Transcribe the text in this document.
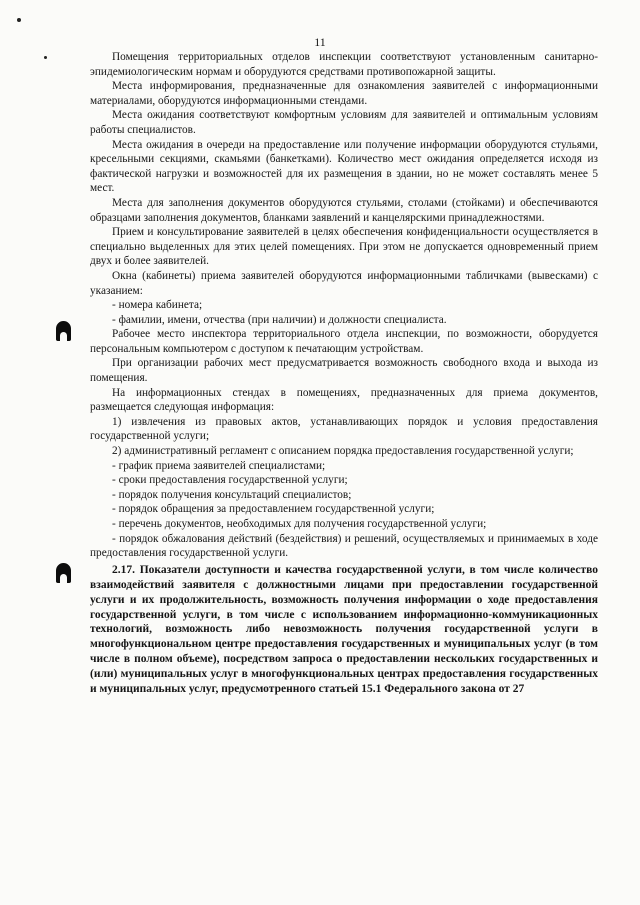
11

Помещения территориальных отделов инспекции соответствуют установленным санитарно-эпидемиологическим нормам и оборудуются средствами противопожарной защиты.

Места информирования, предназначенные для ознакомления заявителей с информационными материалами, оборудуются информационными стендами.

Места ожидания соответствуют комфортным условиям для заявителей и оптимальным условиям работы специалистов.

Места ожидания в очереди на предоставление или получение информации оборудуются стульями, кресельными секциями, скамьями (банкетками). Количество мест ожидания определяется исходя из фактической нагрузки и возможностей для их размещения в здании, но не может составлять менее 5 мест.

Места для заполнения документов оборудуются стульями, столами (стойками) и обеспечиваются образцами заполнения документов, бланками заявлений и канцелярскими принадлежностями.

Прием и консультирование заявителей в целях обеспечения конфиденциальности осуществляется в специально выделенных для этих целей помещениях. При этом не допускается одновременный прием двух и более заявителей.

Окна (кабинеты) приема заявителей оборудуются информационными табличками (вывесками) с указанием:

- номера кабинета;

- фамилии, имени, отчества (при наличии) и должности специалиста.

Рабочее место инспектора территориального отдела инспекции, по возможности, оборудуется персональным компьютером с доступом к печатающим устройствам.

При организации рабочих мест предусматривается возможность свободного входа и выхода из помещения.

На информационных стендах в помещениях, предназначенных для приема документов, размещается следующая информация:

1) извлечения из правовых актов, устанавливающих порядок и условия предоставления государственной услуги;

2) административный регламент с описанием порядка предоставления государственной услуги;

- график приема заявителей специалистами;

- сроки предоставления государственной услуги;

- порядок получения консультаций специалистов;

- порядок обращения за предоставлением государственной услуги;

- перечень документов, необходимых для получения государственной услуги;

- порядок обжалования действий (бездействия) и решений, осуществляемых и принимаемых в ходе предоставления государственной услуги.

2.17. Показатели доступности и качества государственной услуги, в том числе количество взаимодействий заявителя с должностными лицами при предоставлении государственной услуги и их продолжительность, возможность получения информации о ходе предоставления государственной услуги, в том числе с использованием информационно-коммуникационных технологий, возможность либо невозможность получения государственной услуги в многофункциональном центре предоставления государственных и муниципальных услуг (в том числе в полном объеме), посредством запроса о предоставлении нескольких государственных и (или) муниципальных услуг в многофункциональных центрах предоставления государственных и муниципальных услуг, предусмотренного статьей 15.1 Федерального закона от 27
